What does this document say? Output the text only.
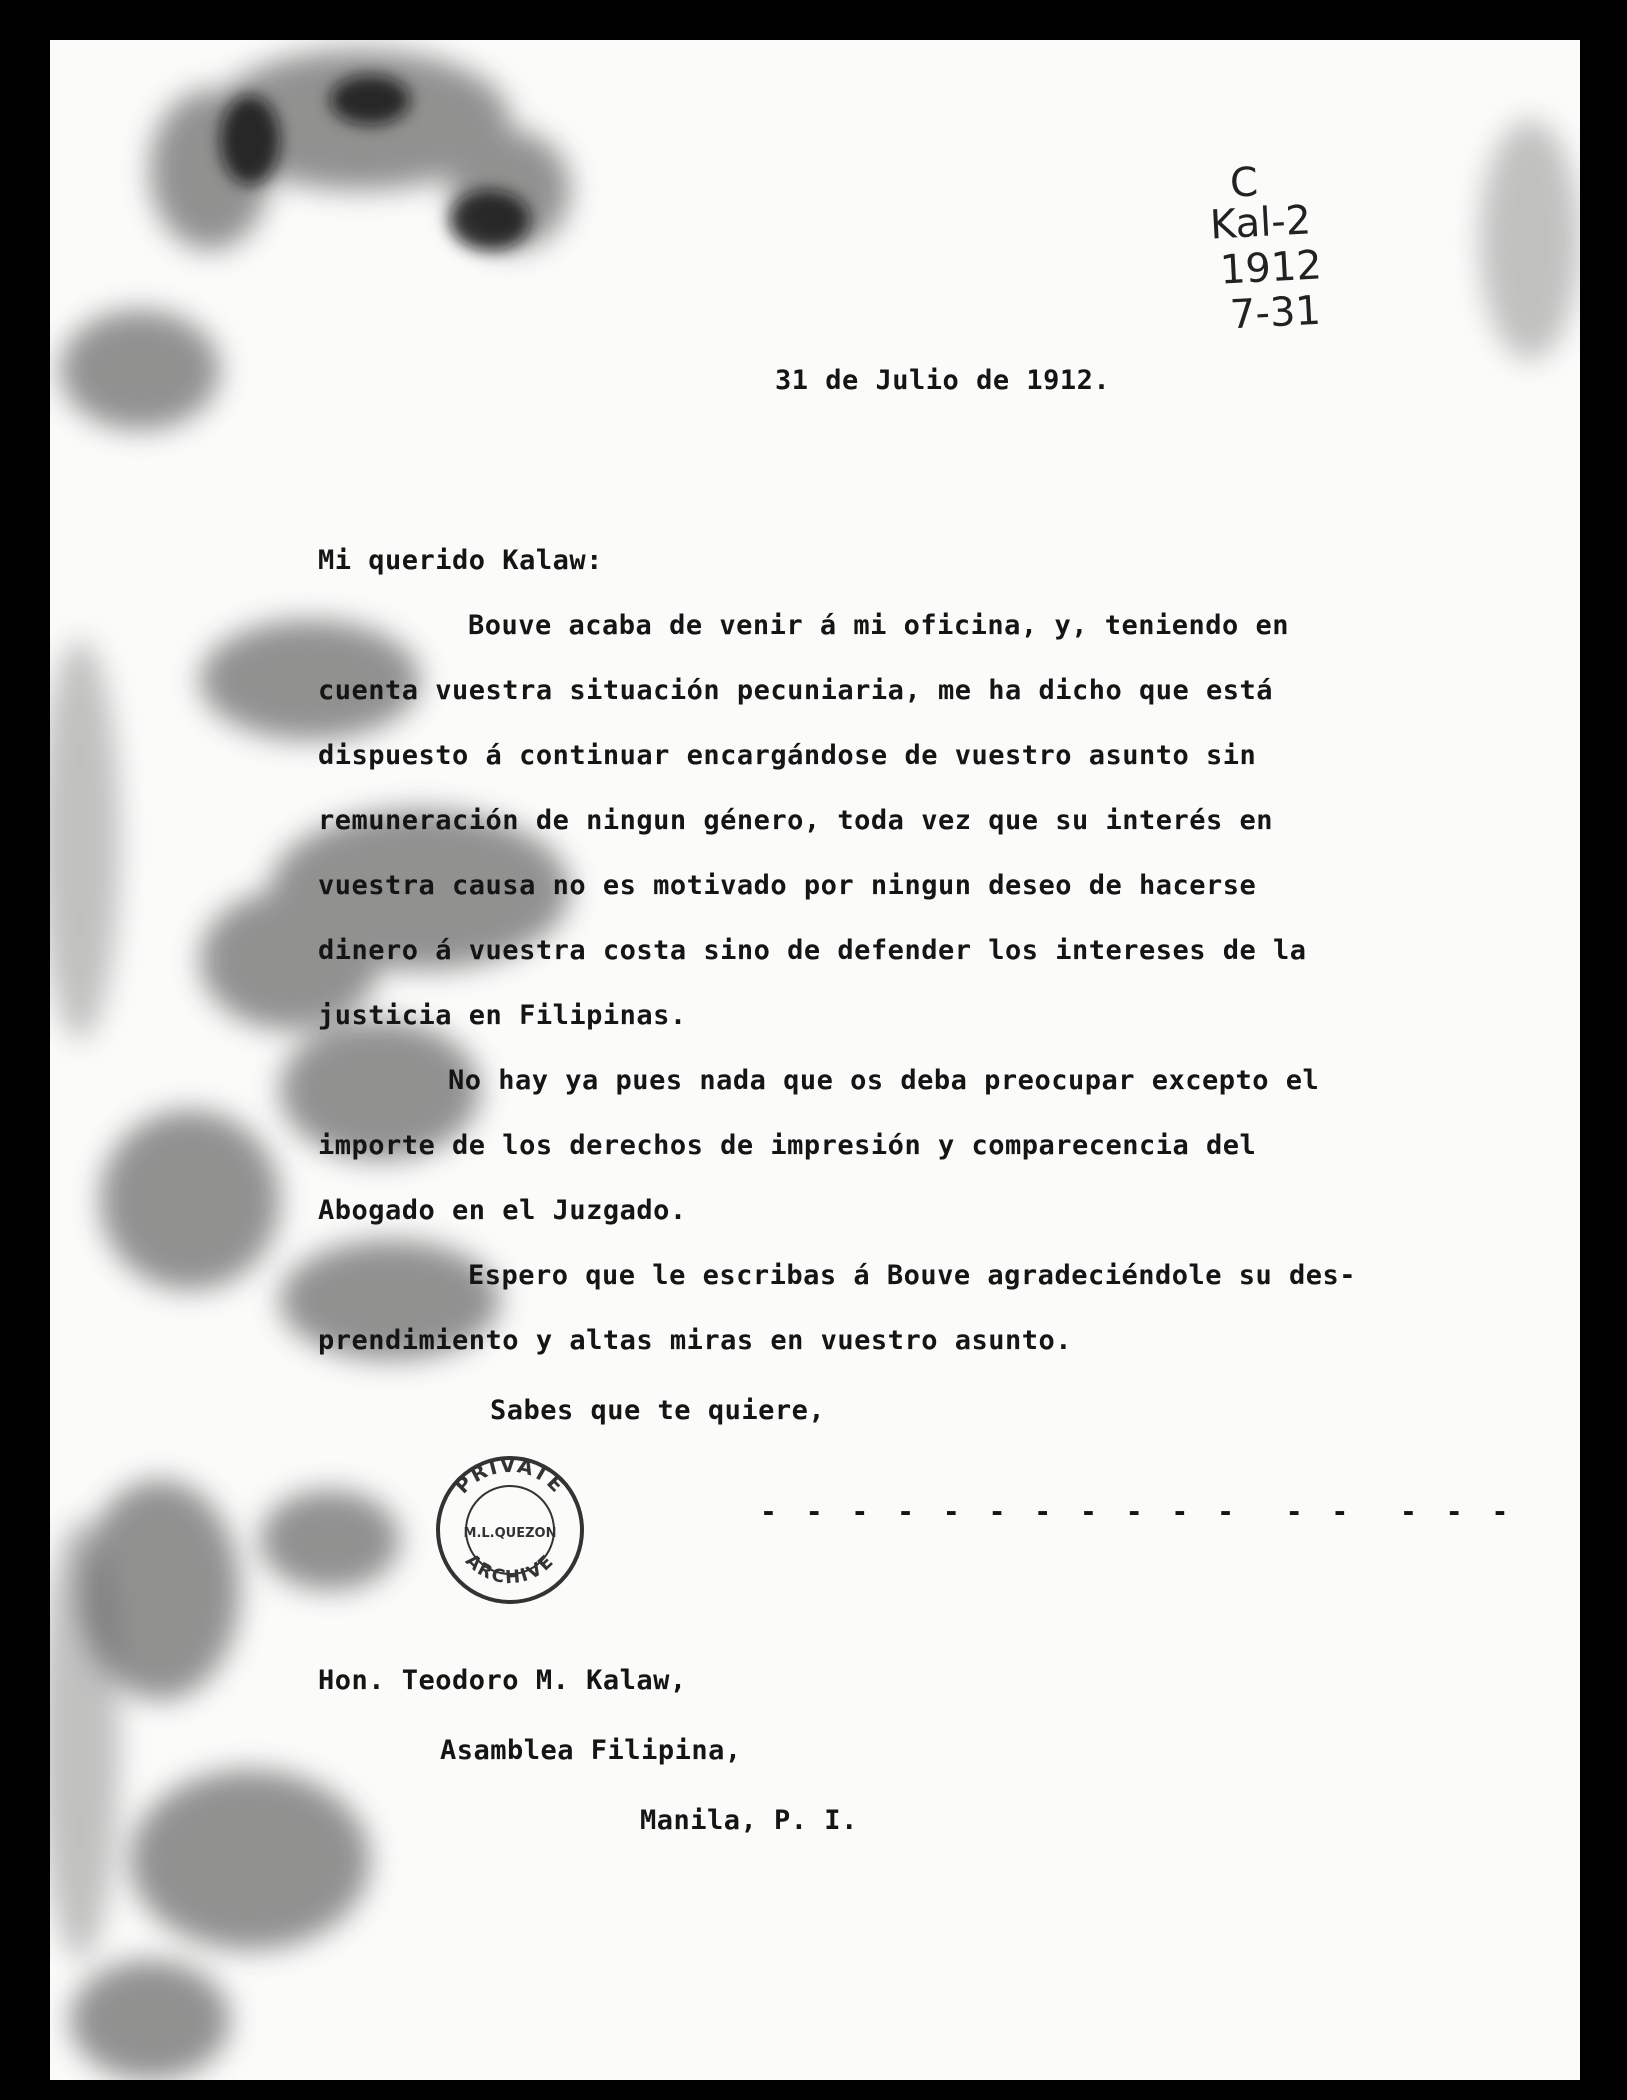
C
Kal-2
1912
7-31
31 de Julio de 1912.
Mi querido Kalaw:
Bouve acaba de venir á mi oficina, y, teniendo en
cuenta vuestra situación pecuniaria, me ha dicho que está
dispuesto á continuar encargándose de vuestro asunto sin
remuneración de ningun género, toda vez que su interés en
vuestra causa no es motivado por ningun deseo de hacerse
dinero á vuestra costa sino de defender los intereses de la
justicia en Filipinas.
No hay ya pues nada que os deba preocupar excepto el
importe de los derechos de impresión y comparecencia del
Abogado en el Juzgado.
Espero que le escribas á Bouve agradeciéndole su des-
prendimiento y altas miras en vuestro asunto.
Sabes que te quiere,
- - - - - - - - - - -  - -  - - -
PRIVATE
M.L.QUEZON
ARCHIVE
Hon. Teodoro M. Kalaw,
Asamblea Filipina,
Manila, P. I.
